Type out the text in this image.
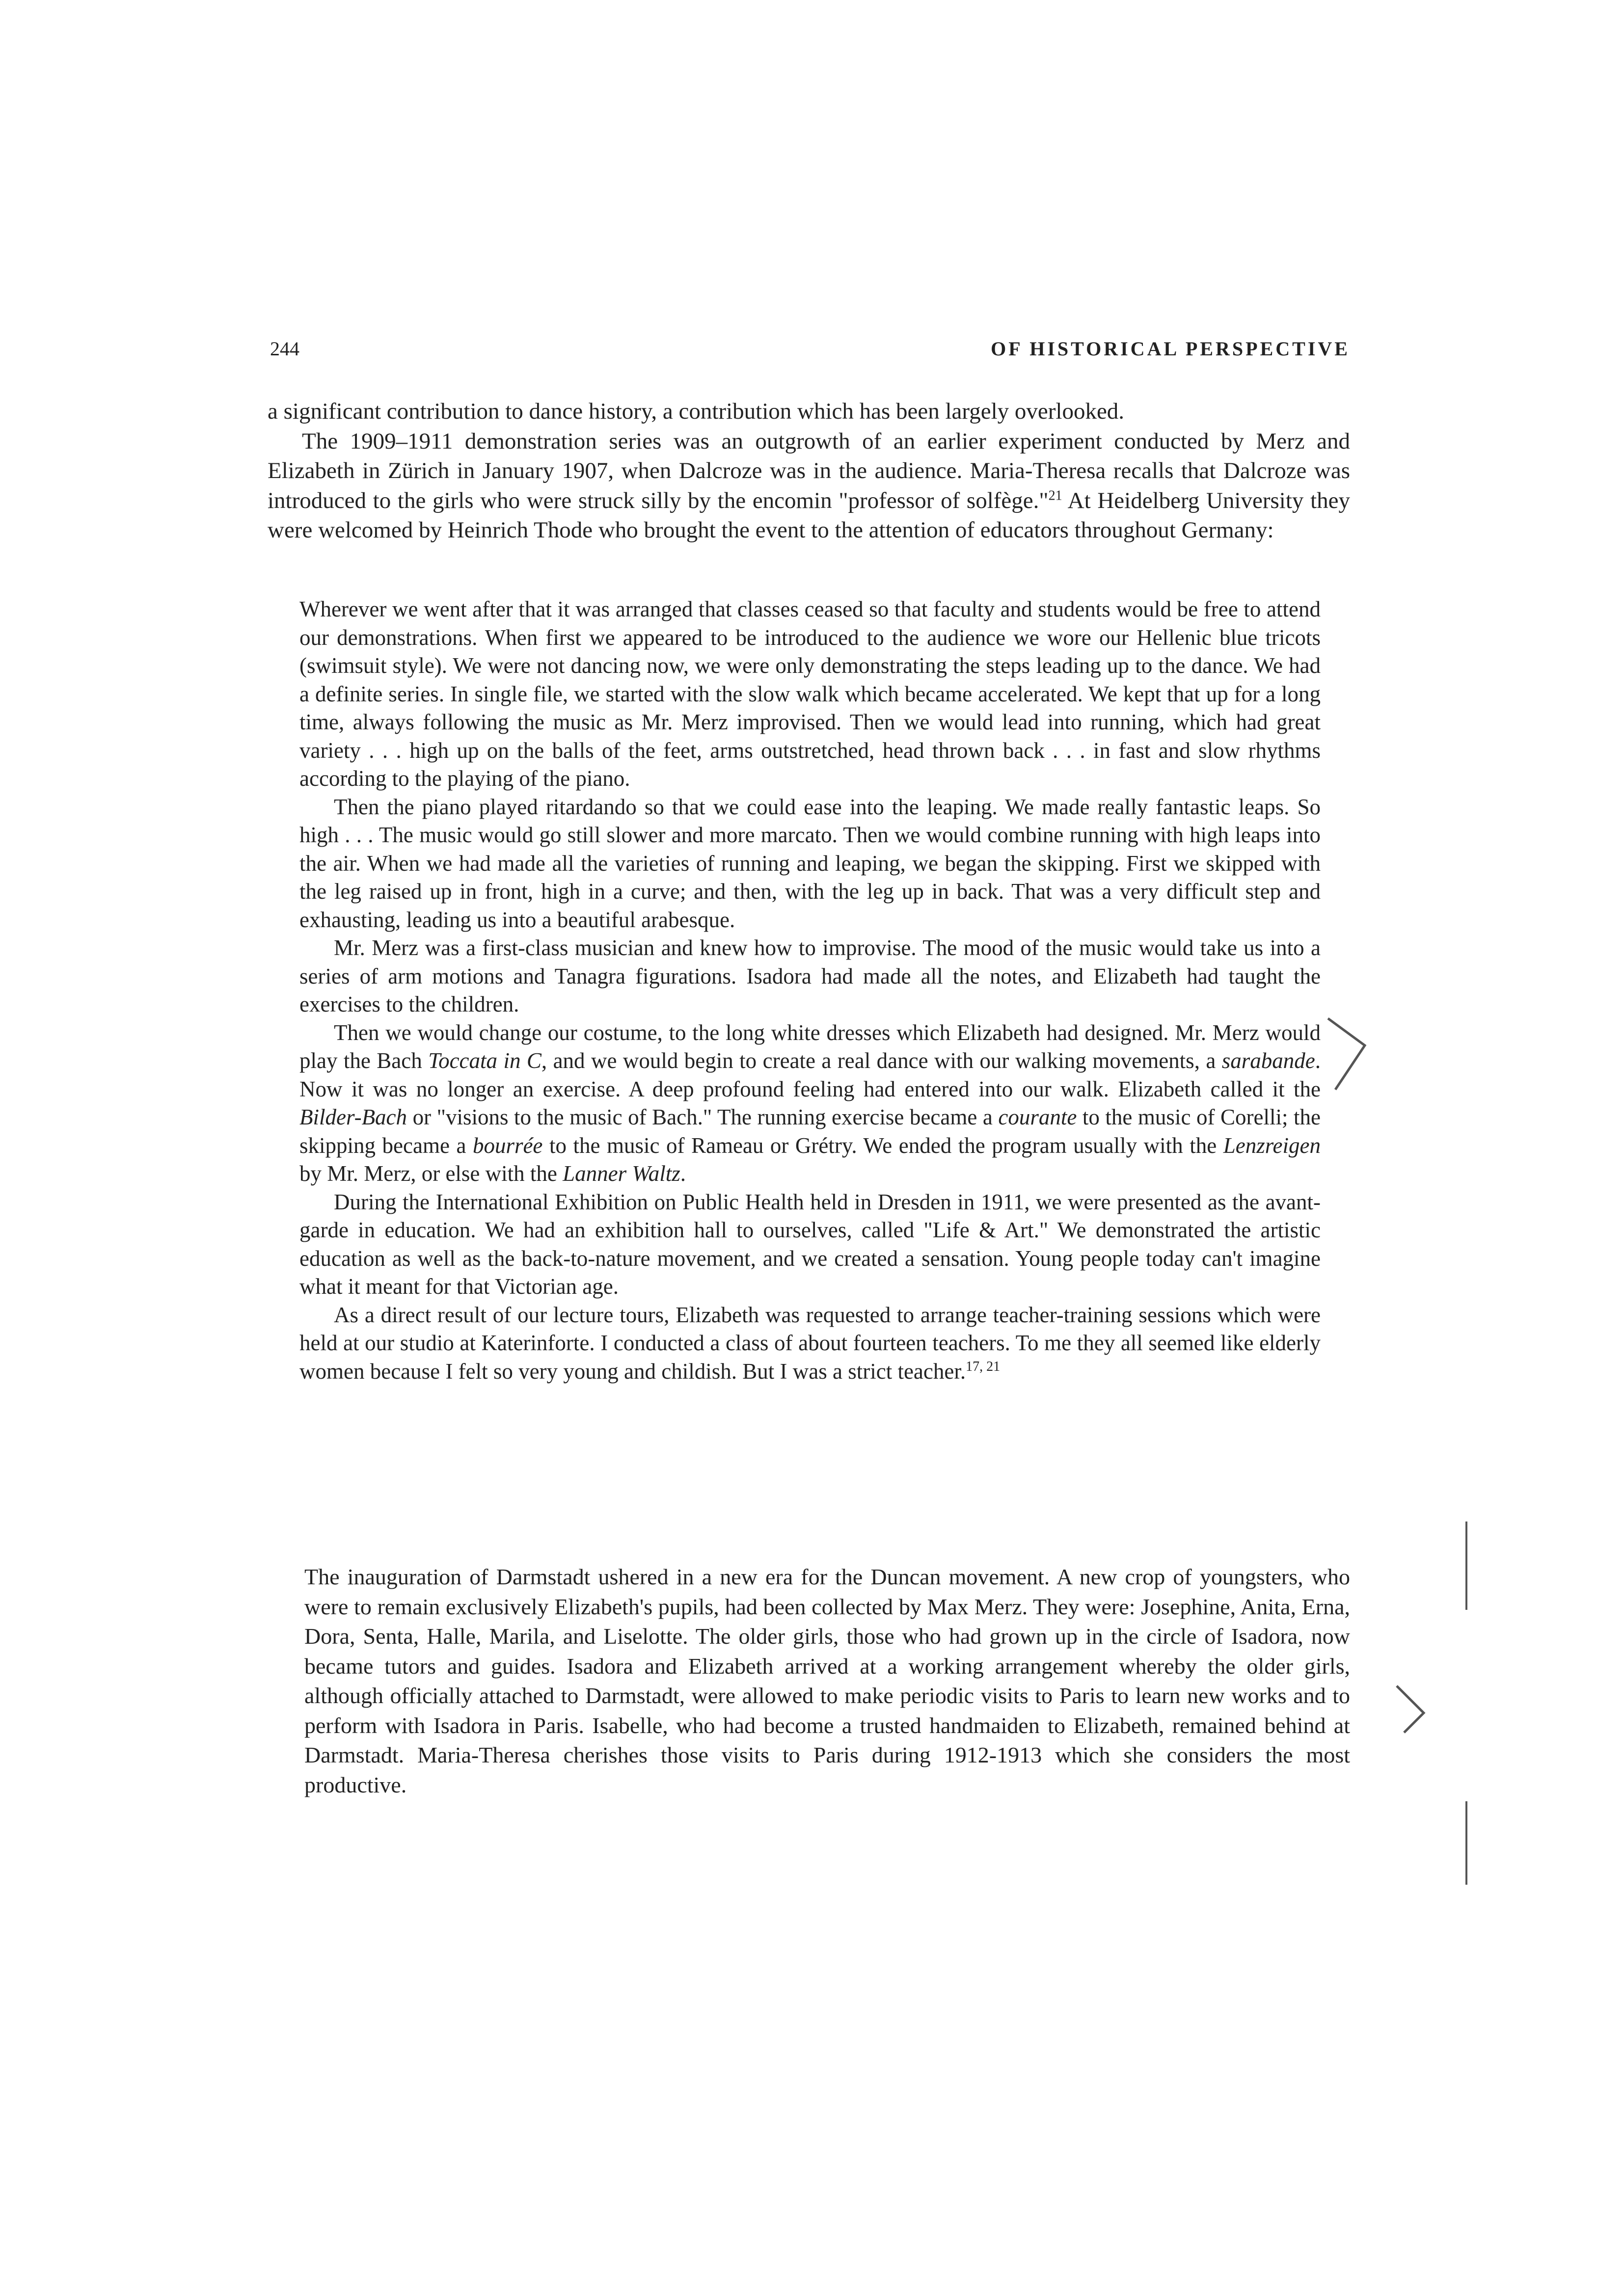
244	OF HISTORICAL PERSPECTIVE

a significant contribution to dance history, a contribution which has been largely overlooked.

The 1909–1911 demonstration series was an outgrowth of an earlier experiment conducted by Merz and Elizabeth in Zürich in January 1907, when Dalcroze was in the audience. Maria-Theresa recalls that Dalcroze was introduced to the girls who were struck silly by the encomin "professor of solfège."$^{21}$ At Heidelberg University they were welcomed by Heinrich Thode who brought the event to the attention of educators throughout Germany:

Wherever we went after that it was arranged that classes ceased so that faculty and students would be free to attend our demonstrations. When first we appeared to be introduced to the audience we wore our Hellenic blue tricots (swimsuit style). We were not dancing now, we were only demonstrating the steps leading up to the dance. We had a definite series. In single file, we started with the slow walk which became accelerated. We kept that up for a long time, always following the music as Mr. Merz improvised. Then we would lead into running, which had great variety . . . high up on the balls of the feet, arms outstretched, head thrown back . . . in fast and slow rhythms according to the playing of the piano.

Then the piano played ritardando so that we could ease into the leaping. We made really fantastic leaps. So high . . . The music would go still slower and more marcato. Then we would combine running with high leaps into the air. When we had made all the varieties of running and leaping, we began the skipping. First we skipped with the leg raised up in front, high in a curve; and then, with the leg up in back. That was a very difficult step and exhausting, leading us into a beautiful arabesque.

Mr. Merz was a first-class musician and knew how to improvise. The mood of the music would take us into a series of arm motions and Tanagra figurations. Isadora had made all the notes, and Elizabeth had taught the exercises to the children.

Then we would change our costume, to the long white dresses which Elizabeth had designed. Mr. Merz would play the Bach Toccata in C, and we would begin to create a real dance with our walking movements, a sarabande. Now it was no longer an exercise. A deep profound feeling had entered into our walk. Elizabeth called it the Bilder-Bach or "visions to the music of Bach." The running exercise became a courante to the music of Corelli; the skipping became a bourrée to the music of Rameau or Grétry. We ended the program usually with the Lenzreigen by Mr. Merz, or else with the Lanner Waltz.

During the International Exhibition on Public Health held in Dresden in 1911, we were presented as the avant-garde in education. We had an exhibition hall to ourselves, called "Life & Art." We demonstrated the artistic education as well as the back-to-nature movement, and we created a sensation. Young people today can't imagine what it meant for that Victorian age.

As a direct result of our lecture tours, Elizabeth was requested to arrange teacher-training sessions which were held at our studio at Katerinforte. I conducted a class of about fourteen teachers. To me they all seemed like elderly women because I felt so very young and childish. But I was a strict teacher.$^{17, 21}$

The inauguration of Darmstadt ushered in a new era for the Duncan movement. A new crop of youngsters, who were to remain exclusively Elizabeth's pupils, had been collected by Max Merz. They were: Josephine, Anita, Erna, Dora, Senta, Halle, Marila, and Liselotte. The older girls, those who had grown up in the circle of Isadora, now became tutors and guides. Isadora and Elizabeth arrived at a working arrangement whereby the older girls, although officially attached to Darmstadt, were allowed to make periodic visits to Paris to learn new works and to perform with Isadora in Paris. Isabelle, who had become a trusted handmaiden to Elizabeth, remained behind at Darmstadt. Maria-Theresa cherishes those visits to Paris during 1912-1913 which she considers the most productive.
